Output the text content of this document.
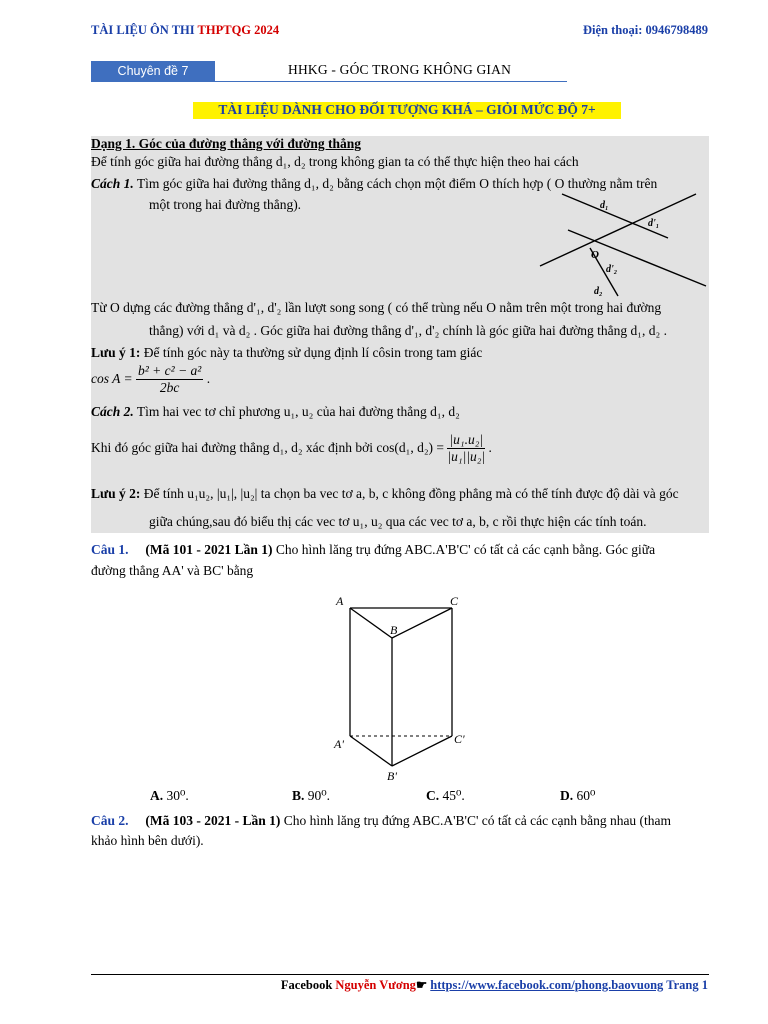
TÀI LIỆU ÔN THI THPTQG 2024	Điện thoại: 0946798489
Chuyên đề 7	HHKG - GÓC TRONG KHÔNG GIAN
TÀI LIỆU DÀNH CHO ĐỐI TƯỢNG KHÁ – GIỎI MỨC ĐỘ 7+
Dạng 1. Góc của đường thẳng với đường thẳng
Để tính góc giữa hai đường thẳng d₁, d₂ trong không gian ta có thể thực hiện theo hai cách
Cách 1. Tìm góc giữa hai đường thẳng d₁, d₂ bằng cách chọn một điểm O thích hợp ( O thường nằm trên
một trong hai đường thẳng).	d₁
d'₁
O
d'₂
d₂
Từ O dựng các đường thẳng d'₁, d'₂ lần lượt song song ( có thể trùng nếu O nằm trên một trong hai đường
thẳng) với d₁ và d₂ . Góc giữa hai đường thẳng d'₁, d'₂ chính là góc giữa hai đường thẳng d₁, d₂ .
Lưu ý 1: Để tính góc này ta thường sử dụng định lí côsin trong tam giác
$\cos A = \frac{\text{b² + c² − a²}}{2bc}$ .
Cách 2. Tìm hai vec tơ chỉ phương u₁, u₂ của hai đường thẳng d₁, d₂
Khi đó góc giữa hai đường thẳng d₁, d₂ xác định bởi cos(d₁, $d_2) = \frac{\text{|u₁.u₂|}}{\text{|u₁||u₂|}}$ .
Lưu ý 2: Để tính u₁u₂, |u₁|, |u₂| ta chọn ba vec tơ a, b, c không đồng phẳng mà có thể tính được độ dài và góc
giữa chúng,sau đó biểu thị các vec tơ u₁, u₂ qua các vec tơ a, b, c rồi thực hiện các tính toán.
Câu 1. (Mã 101 - 2021 Lần 1) Cho hình lăng trụ đứng ABC.A'B'C' có tất cả các cạnh bằng. Góc giữa
đường thẳng AA' và BC' bằng
A	C
B
A'	C'
B'
A. 30⁰.	B. 90⁰.	C. 45⁰.	D. 60⁰
Câu 2. (Mã 103 - 2021 - Lần 1) Cho hình lăng trụ đứng ABC.A'B'C' có tất cả các cạnh bằng nhau (tham
khảo hình bên dưới).
Facebook Nguyễn Vương☛ https://www.facebook.com/phong.baovuong Trang 1
